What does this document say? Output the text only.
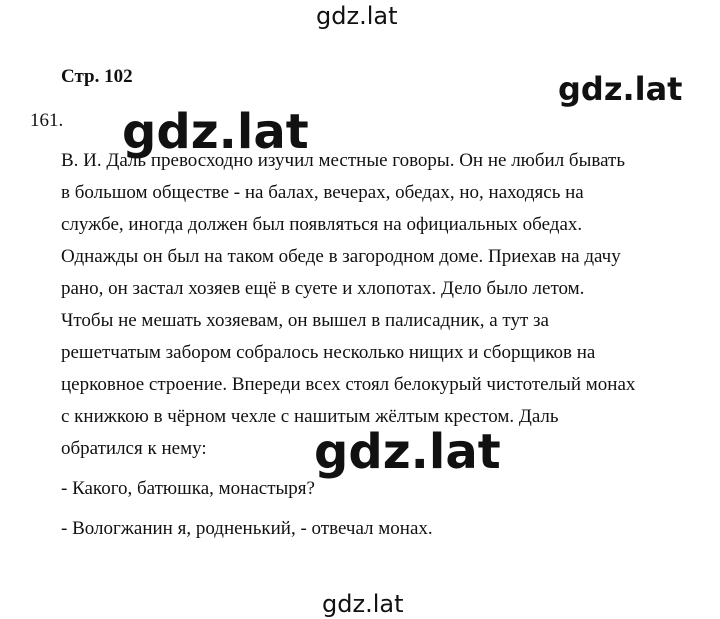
gdz.lat
Стр. 102	gdz.lat
161.
В. И. Даль превосходно изучил местные говоры. Он не любил бывать
в большом обществе - на балах, вечерах, обедах, но, находясь на
службе, иногда должен был появляться на официальных обедах.
Однажды он был на таком обеде в загородном доме. Приехав на дачу
рано, он застал хозяев ещё в суете и хлопотах. Дело было летом.
Чтобы не мешать хозяевам, он вышел в палисадник, а тут за
решетчатым забором собралось несколько нищих и сборщиков на
церковное строение. Впереди всех стоял белокурый чистотелый монах
с книжкою в чёрном чехле с нашитым жёлтым крестом. Даль
обратился к нему:
- Какого, батюшка, монастыря?
- Вологжанин я, родненький, - отвечал монах.
gdz.lat
gdz.lat
gdz.lat
